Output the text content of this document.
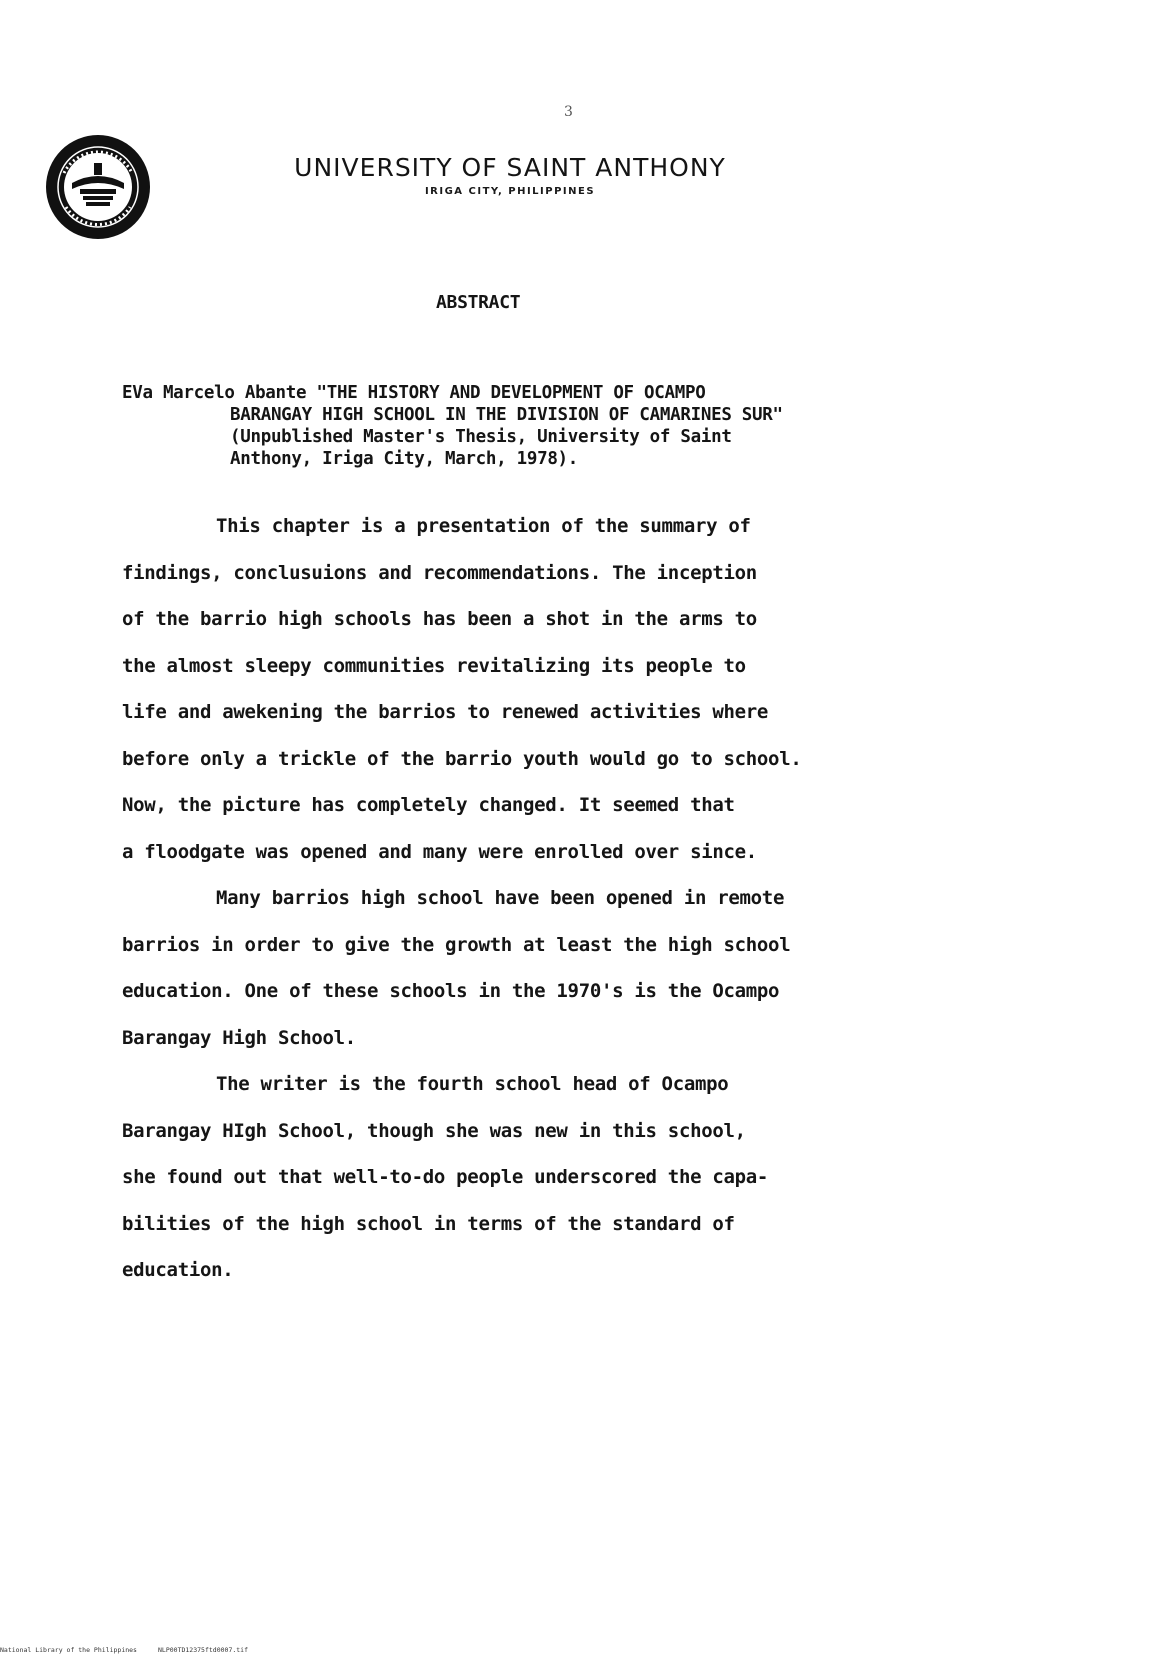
3
UNIVERSITY OF SAINT ANTHONY
IRIGA CITY, PHILIPPINES
ABSTRACT
EVa Marcelo Abante "THE HISTORY AND DEVELOPMENT OF OCAMPO
BARANGAY HIGH SCHOOL IN THE DIVISION OF CAMARINES SUR"
(Unpublished Master's Thesis, University of Saint
Anthony, Iriga City, March, 1978).
This chapter is a presentation of the summary of
findings, conclusuions and recommendations. The inception
of the barrio high schools has been a shot in the arms to
the almost sleepy communities revitalizing its people to
life and awekening the barrios to renewed activities where
before only a trickle of the barrio youth would go to school.
Now, the picture has completely changed. It seemed that
a floodgate was opened and many were enrolled over since.
Many barrios high school have been opened in remote
barrios in order to give the growth at least the high school
education. One of these schools in the 1970's is the Ocampo
Barangay High School.
The writer is the fourth school head of Ocampo
Barangay HIgh School, though she was new in this school,
she found out that well-to-do people underscored the capa-
bilities of the high school in terms of the standard of
education.
National Library of the Philippines	NLP00TD12375ftd0007.tif
